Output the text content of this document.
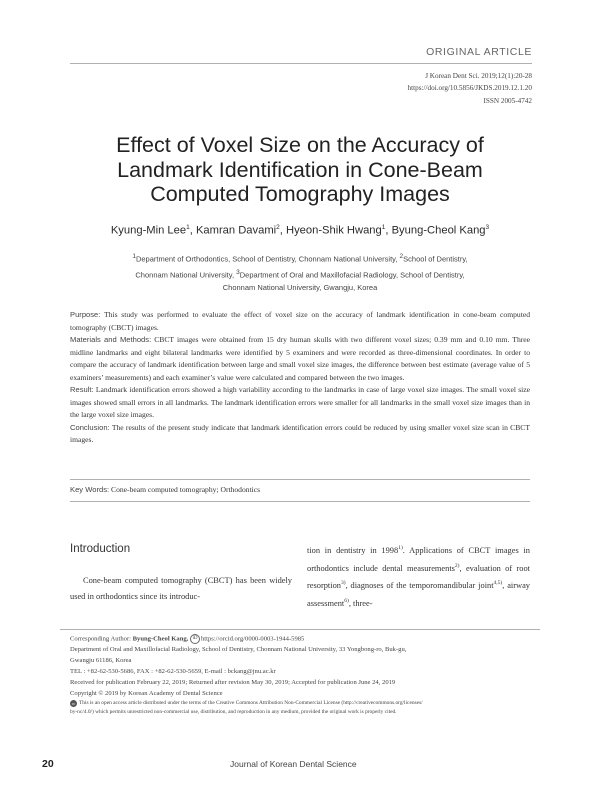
ORIGINAL ARTICLE
J Korean Dent Sci. 2019;12(1):20-28
https://doi.org/10.5856/JKDS.2019.12.1.20
ISSN 2005-4742
Effect of Voxel Size on the Accuracy of
Landmark Identification in Cone-Beam
Computed Tomography Images
Kyung-Min Lee$^1$, Kamran Davami$^2$, Hyeon-Shik Hwang$^1$, Byung-Cheol Kang$^3$
$^1$Department of Orthodontics, School of Dentistry, Chonnam National University, $^2$School of Dentistry,
Chonnam National University, $^3$Department of Oral and Maxillofacial Radiology, School of Dentistry,
Chonnam National University, Gwangju, Korea

Purpose: This study was performed to evaluate the effect of voxel size on the accuracy of landmark identification in cone-beam computed tomography (CBCT) images.

Materials and Methods: CBCT images were obtained from 15 dry human skulls with two different voxel sizes; 0.39 mm and 0.10 mm. Three midline landmarks and eight bilateral landmarks were identified by 5 examiners and were recorded as three-dimensional coordinates. In order to compare the accuracy of landmark identification between large and small voxel size images, the difference between best estimate (average value of 5 examiners’ measurements) and each examiner’s value were calculated and compared between the two images.

Result: Landmark identification errors showed a high variability according to the landmarks in case of large voxel size images. The small voxel size images showed small errors in all landmarks. The landmark identification errors were smaller for all landmarks in the small voxel size images than in the large voxel size images.

Conclusion: The results of the present study indicate that landmark identification errors could be reduced by using smaller voxel size scan in CBCT images.

Key Words: Cone-beam computed tomography; Orthodontics
Introduction
Cone-beam computed tomography (CBCT) has been widely used in orthodontics since its introduc-
tion in dentistry in 1998$^{1)}$. Applications of CBCT images in orthodontics include dental measurements$^{2)}$, evaluation of root resorption$^{3)}$, diagnoses of the temporomandibular joint$^{4,5)}$, airway assessment$^{6)}$, three-
Corresponding Author: Byung-Cheol Kang, iD https://orcid.org/0000-0003-1944-5985
Department of Oral and Maxillofacial Radiology, School of Dentistry, Chonnam National University, 33 Yongbong-ro, Buk-gu,
Gwangju 61186, Korea
TEL : +82-62-530-5686, FAX : +82-62-530-5659, E-mail : bckang@jnu.ac.kr
Received for publication February 22, 2019; Returned after revision May 30, 2019; Accepted for publication June 24, 2019
Copyright © 2019 by Korean Academy of Dental Science
cc This is an open access article distributed under the terms of the Creative Commons Attribution Non-Commercial License (http://creativecommons.org/licenses/
by-nc/4.0/) which permits unrestricted non-commercial use, distribution, and reproduction in any medium, provided the original work is properly cited.
20	Journal of Korean Dental Science
